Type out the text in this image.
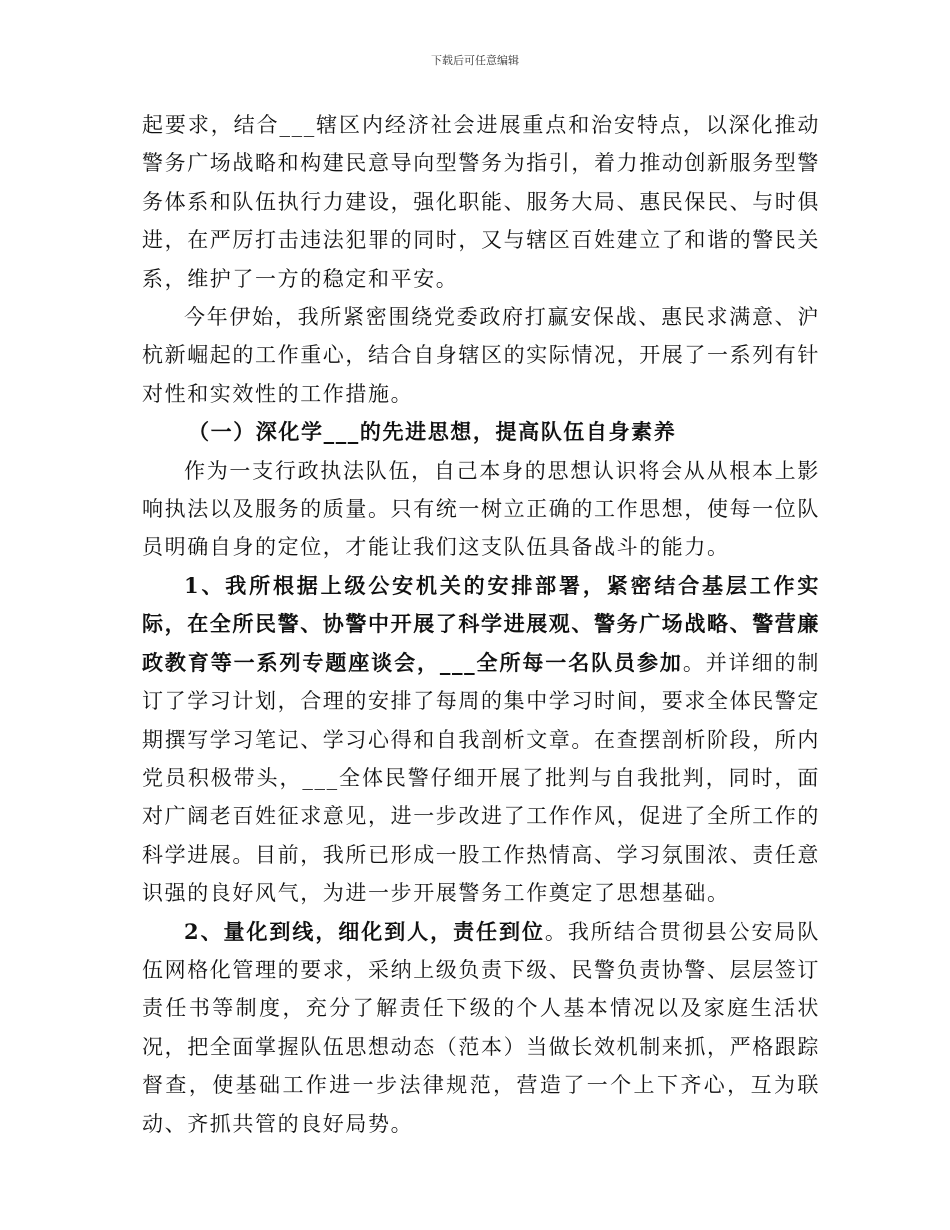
下载后可任意编辑

起要求，结合___辖区内经济社会进展重点和治安特点，以深化推动警务广场战略和构建民意导向型警务为指引，着力推动创新服务型警务体系和队伍执行力建设，强化职能、服务大局、惠民保民、与时俱进，在严厉打击违法犯罪的同时，又与辖区百姓建立了和谐的警民关系，维护了一方的稳定和平安。

今年伊始，我所紧密围绕党委政府打赢安保战、惠民求满意、沪杭新崛起的工作重心，结合自身辖区的实际情况，开展了一系列有针对性和实效性的工作措施。

（一）深化学___的先进思想，提高队伍自身素养

作为一支行政执法队伍，自己本身的思想认识将会从从根本上影响执法以及服务的质量。只有统一树立正确的工作思想，使每一位队员明确自身的定位，才能让我们这支队伍具备战斗的能力。

1、我所根据上级公安机关的安排部署，紧密结合基层工作实际，在全所民警、协警中开展了科学进展观、警务广场战略、警营廉政教育等一系列专题座谈会，___全所每一名队员参加。并详细的制订了学习计划，合理的安排了每周的集中学习时间，要求全体民警定期撰写学习笔记、学习心得和自我剖析文章。在查摆剖析阶段，所内党员积极带头，___全体民警仔细开展了批判与自我批判，同时，面对广阔老百姓征求意见，进一步改进了工作作风，促进了全所工作的科学进展。目前，我所已形成一股工作热情高、学习氛围浓、责任意识强的良好风气，为进一步开展警务工作奠定了思想基础。

2、量化到线，细化到人，责任到位。我所结合贯彻县公安局队伍网格化管理的要求，采纳上级负责下级、民警负责协警、层层签订责任书等制度，充分了解责任下级的个人基本情况以及家庭生活状况，把全面掌握队伍思想动态（范本）当做长效机制来抓，严格跟踪督查，使基础工作进一步法律规范，营造了一个上下齐心，互为联动、齐抓共管的良好局势。
